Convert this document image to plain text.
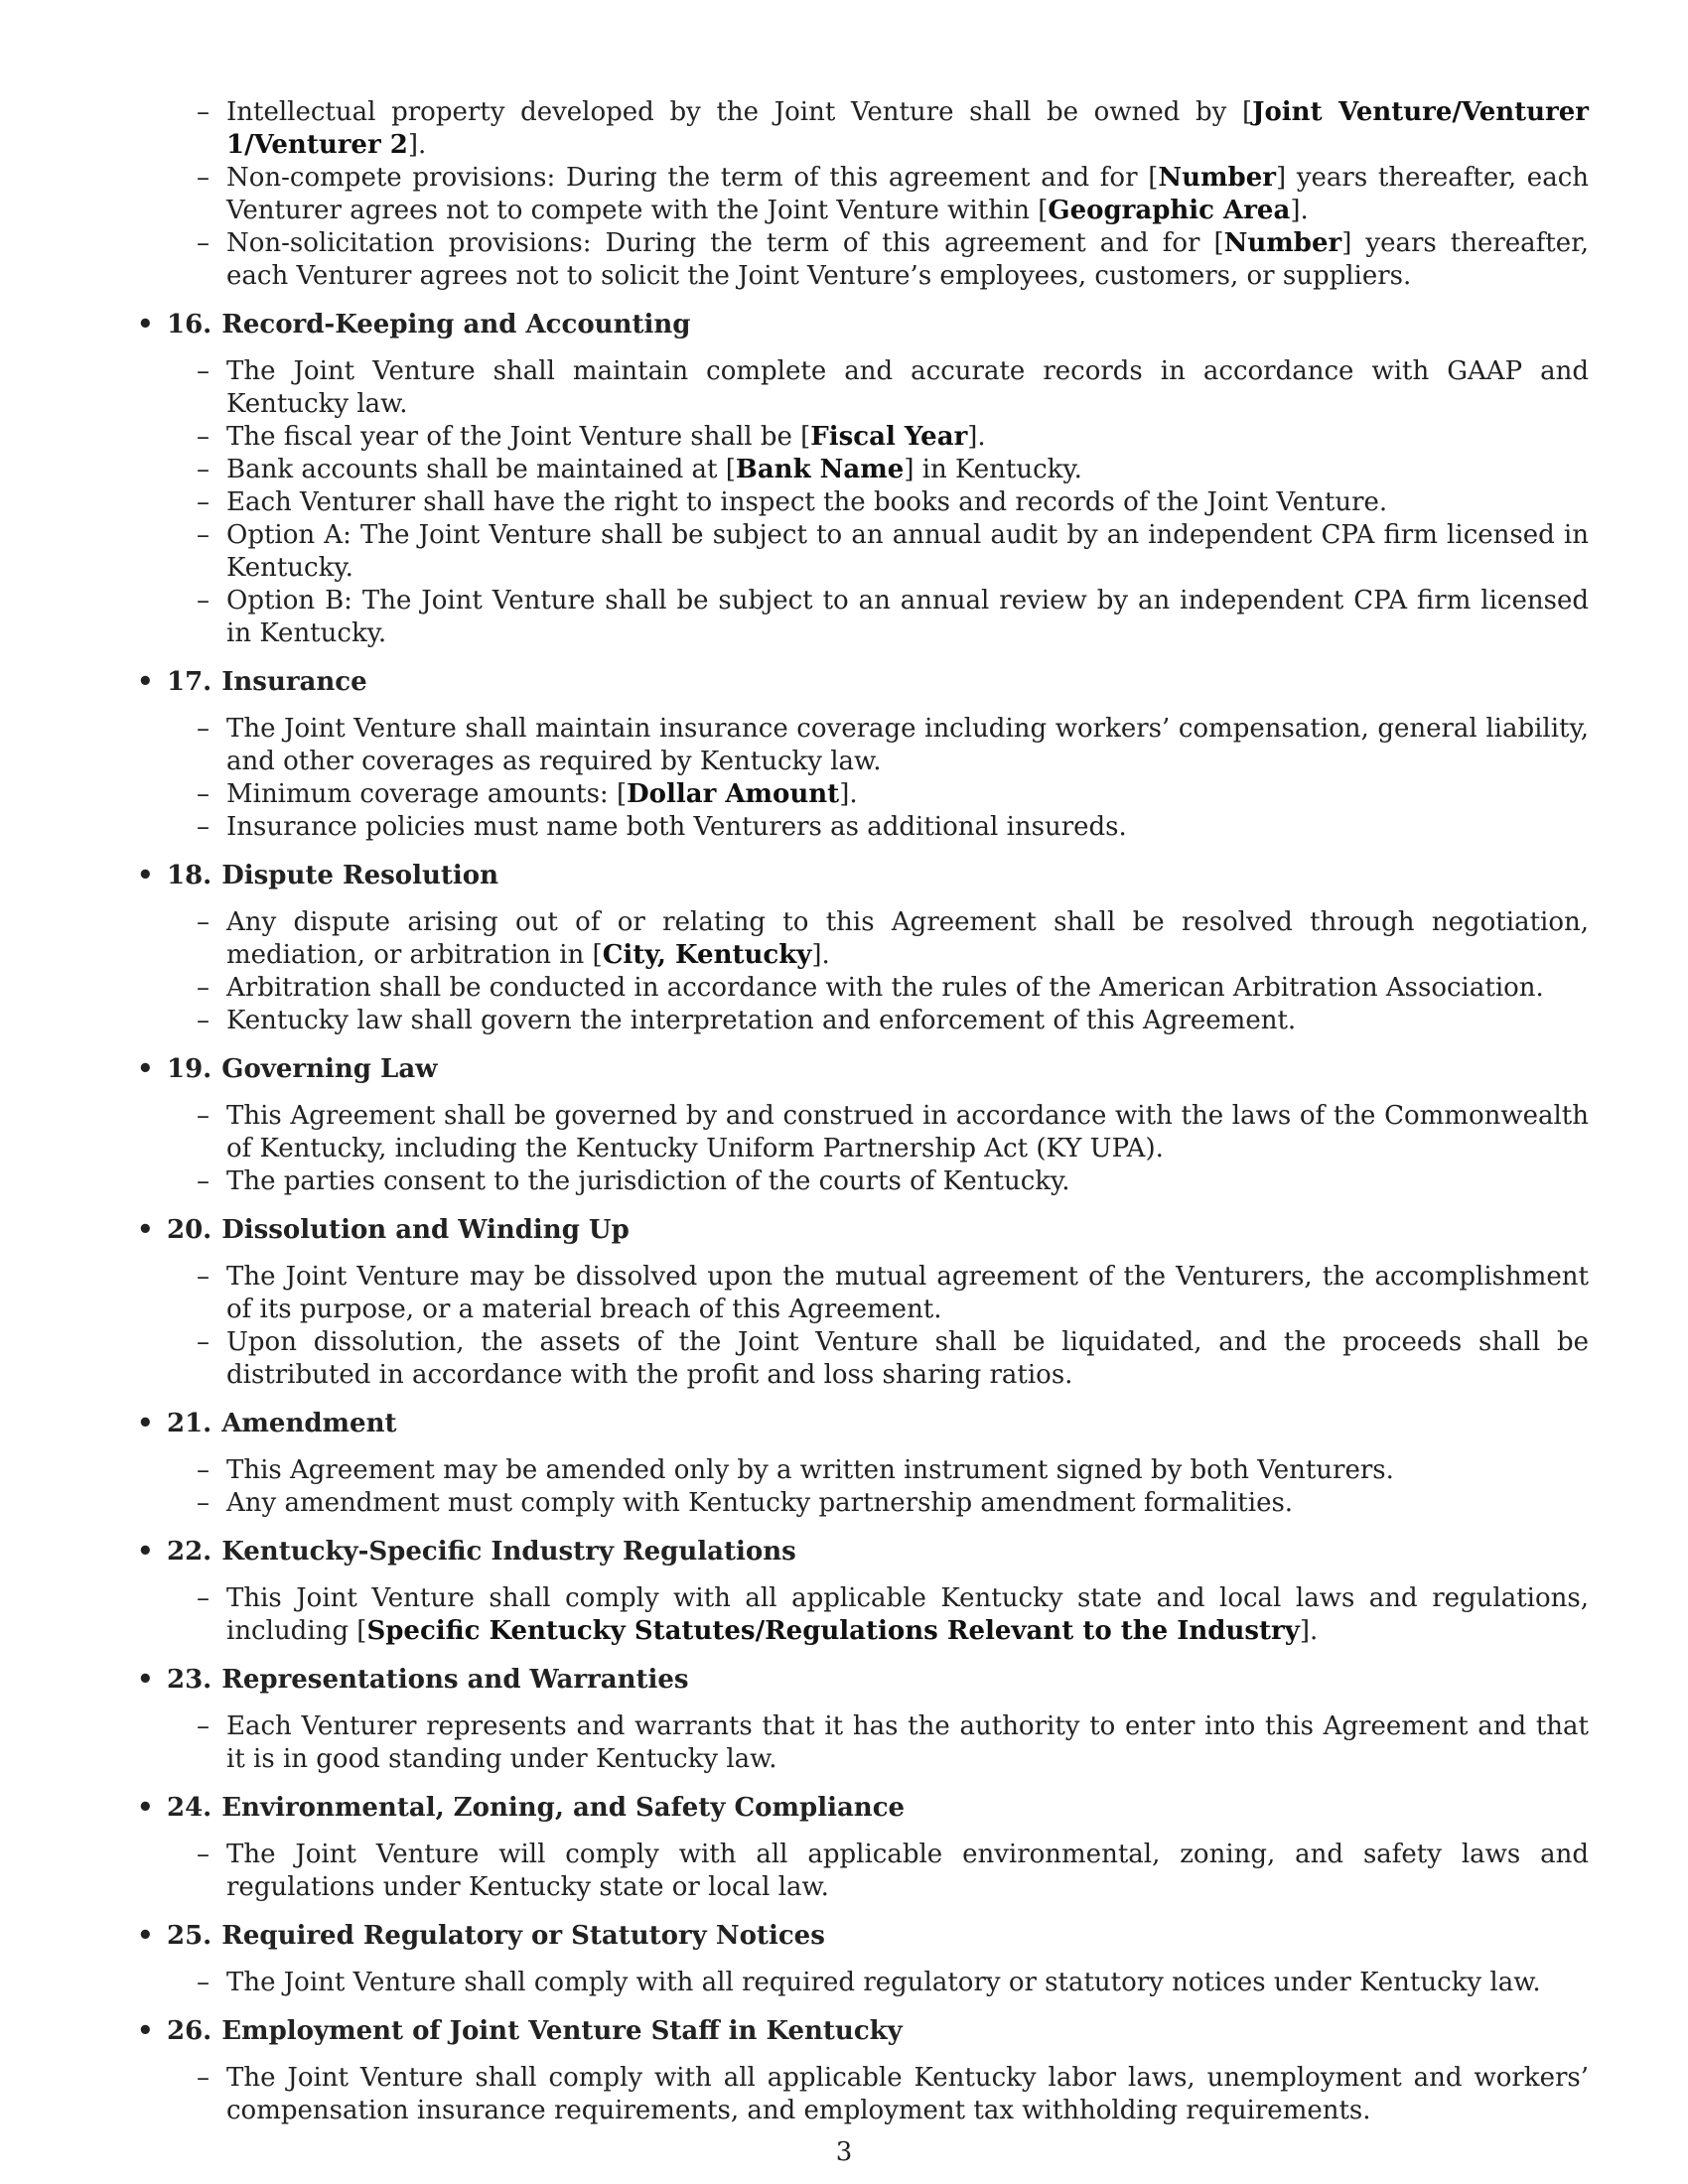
– Intellectual property developed by the Joint Venture shall be owned by [Joint Venture/Venturer 1/Venturer 2].
– Non-compete provisions: During the term of this agreement and for [Number] years thereafter, each Venturer agrees not to compete with the Joint Venture within [Geographic Area].
– Non-solicitation provisions: During the term of this agreement and for [Number] years thereafter, each Venturer agrees not to solicit the Joint Venture’s employees, customers, or suppliers.
• 16. Record-Keeping and Accounting
– The Joint Venture shall maintain complete and accurate records in accordance with GAAP and Kentucky law.
– The fiscal year of the Joint Venture shall be [Fiscal Year].
– Bank accounts shall be maintained at [Bank Name] in Kentucky.
– Each Venturer shall have the right to inspect the books and records of the Joint Venture.
– Option A: The Joint Venture shall be subject to an annual audit by an independent CPA firm licensed in Kentucky.
– Option B: The Joint Venture shall be subject to an annual review by an independent CPA firm licensed in Kentucky.
• 17. Insurance
– The Joint Venture shall maintain insurance coverage including workers’ compensation, general liability, and other coverages as required by Kentucky law.
– Minimum coverage amounts: [Dollar Amount].
– Insurance policies must name both Venturers as additional insureds.
• 18. Dispute Resolution
– Any dispute arising out of or relating to this Agreement shall be resolved through negotiation, mediation, or arbitration in [City, Kentucky].
– Arbitration shall be conducted in accordance with the rules of the American Arbitration Association.
– Kentucky law shall govern the interpretation and enforcement of this Agreement.
• 19. Governing Law
– This Agreement shall be governed by and construed in accordance with the laws of the Commonwealth of Kentucky, including the Kentucky Uniform Partnership Act (KY UPA).
– The parties consent to the jurisdiction of the courts of Kentucky.
• 20. Dissolution and Winding Up
– The Joint Venture may be dissolved upon the mutual agreement of the Venturers, the accomplishment of its purpose, or a material breach of this Agreement.
– Upon dissolution, the assets of the Joint Venture shall be liquidated, and the proceeds shall be distributed in accordance with the profit and loss sharing ratios.
• 21. Amendment
– This Agreement may be amended only by a written instrument signed by both Venturers.
– Any amendment must comply with Kentucky partnership amendment formalities.
• 22. Kentucky-Specific Industry Regulations
– This Joint Venture shall comply with all applicable Kentucky state and local laws and regulations, including [Specific Kentucky Statutes/Regulations Relevant to the Industry].
• 23. Representations and Warranties
– Each Venturer represents and warrants that it has the authority to enter into this Agreement and that it is in good standing under Kentucky law.
• 24. Environmental, Zoning, and Safety Compliance
– The Joint Venture will comply with all applicable environmental, zoning, and safety laws and regulations under Kentucky state or local law.
• 25. Required Regulatory or Statutory Notices
– The Joint Venture shall comply with all required regulatory or statutory notices under Kentucky law.
• 26. Employment of Joint Venture Staff in Kentucky
– The Joint Venture shall comply with all applicable Kentucky labor laws, unemployment and workers’ compensation insurance requirements, and employment tax withholding requirements.
3
